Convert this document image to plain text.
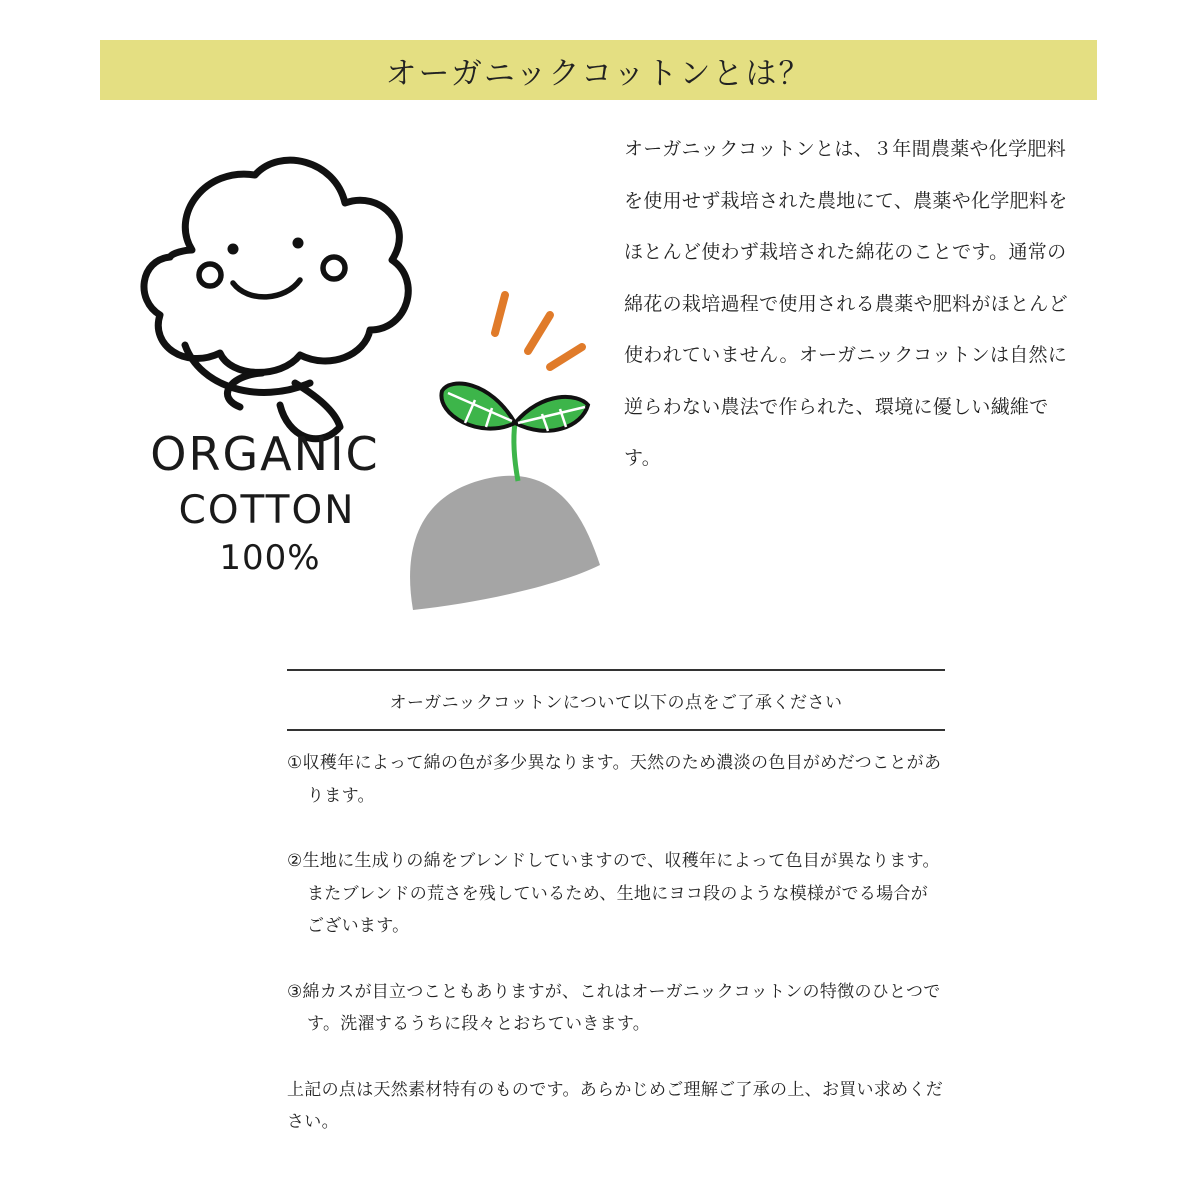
オーガニックコットンとは？
ORGANIC
COTTON
100%

オーガニックコットンとは、３年間農薬や化学肥料を使用せず栽培された農地にて、農薬や化学肥料をほとんど使わず栽培された綿花のことです。通常の綿花の栽培過程で使用される農薬や肥料がほとんど使われていません。オーガニックコットンは自然に逆らわない農法で作られた、環境に優しい繊維です。

オーガニックコットンについて以下の点をご了承ください
①収穫年によって綿の色が多少異なります。天然のため濃淡の色目がめだつことがあります。
②生地に生成りの綿をブレンドしていますので、収穫年によって色目が異なります。またブレンドの荒さを残しているため、生地にヨコ段のような模様がでる場合がございます。
③綿カスが目立つこともありますが、これはオーガニックコットンの特徴のひとつです。洗濯するうちに段々とおちていきます。

上記の点は天然素材特有のものです。あらかじめご理解ご了承の上、お買い求めください。
